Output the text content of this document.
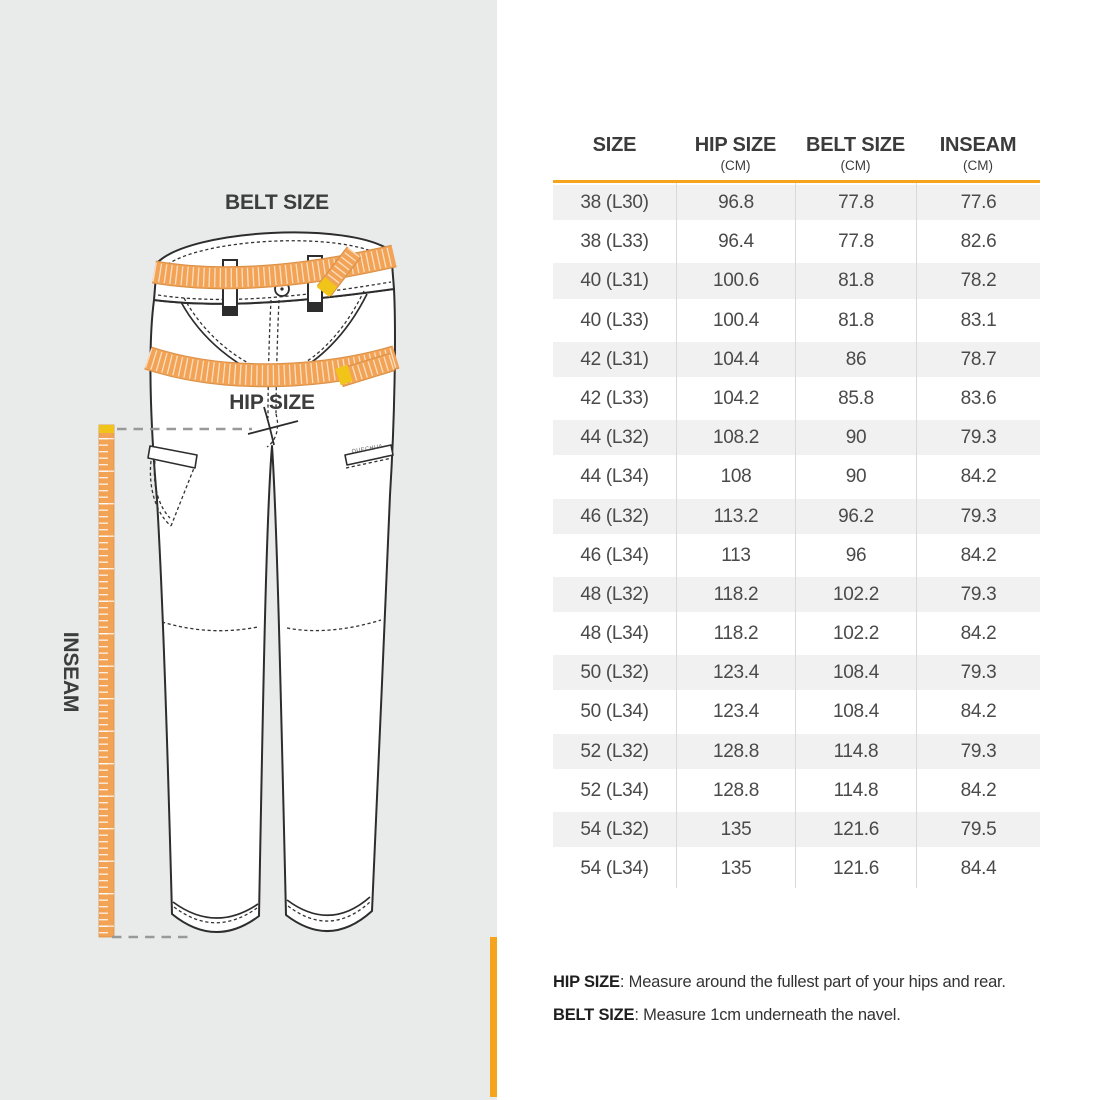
QUECHUA
BELT SIZE
HIP SIZE
INSEAM
SIZE	HIP SIZE
(CM)
BELT SIZE
(CM)
INSEAM
(CM)
38 (L30)	96.8	77.8	77.6
38 (L33)	96.4	77.8	82.6
40 (L31)	100.6	81.8	78.2
40 (L33)	100.4	81.8	83.1
42 (L31)	104.4	86	78.7
42 (L33)	104.2	85.8	83.6
44 (L32)	108.2	90	79.3
44 (L34)	108	90	84.2
46 (L32)	113.2	96.2	79.3
46 (L34)	113	96	84.2
48 (L32)	118.2	102.2	79.3
48 (L34)	118.2	102.2	84.2
50 (L32)	123.4	108.4	79.3
50 (L34)	123.4	108.4	84.2
52 (L32)	128.8	114.8	79.3
52 (L34)	128.8	114.8	84.2
54 (L32)	135	121.6	79.5
54 (L34)	135	121.6	84.4
HIP SIZE: Measure around the fullest part of your hips and rear.
BELT SIZE: Measure 1cm underneath the navel.
